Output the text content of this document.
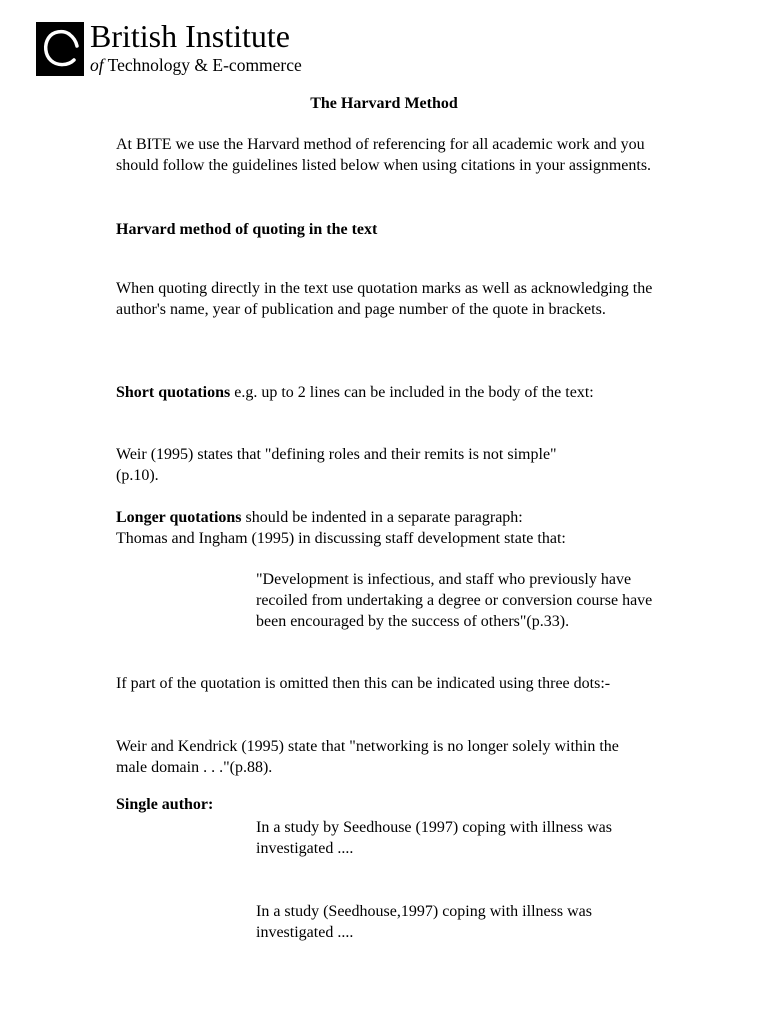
British Institute
of Technology & E-commerce
The Harvard Method

At BITE we use the Harvard method of referencing for all academic work and you should follow the guidelines listed below when using citations in your assignments.

Harvard method of quoting in the text

When quoting directly in the text use quotation marks as well as acknowledging the author's name, year of publication and page number of the quote in brackets.

Short quotations e.g. up to 2 lines can be included in the body of the text:

Weir (1995) states that "defining roles and their remits is not simple"(p.10).

Longer quotations should be indented in a separate paragraph:

Thomas and Ingham (1995) in discussing staff development state that:

"Development is infectious, and staff who previously have recoiled from undertaking a degree or conversion course have been encouraged by the success of others"(p.33).

If part of the quotation is omitted then this can be indicated using three dots:-

Weir and Kendrick (1995) state that "networking is no longer solely within the male domain . . ."(p.88).

Single author:

In a study by Seedhouse (1997) coping with illness was investigated ....

In a study (Seedhouse,1997) coping with illness was investigated ....
